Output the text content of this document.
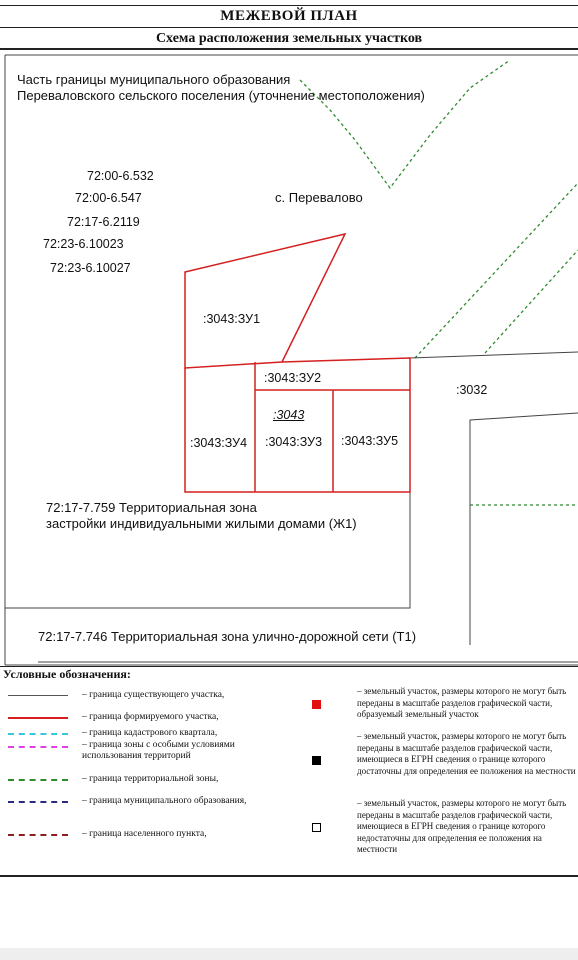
МЕЖЕВОЙ ПЛАН
Схема расположения земельных участков
Часть границы муниципального образования
Переваловского сельского поселения (уточнение местоположения)
72:00-6.532
72:00-6.547
72:17-6.2119
72:23-6.10023
72:23-6.10027
с. Перевалово
:3043:ЗУ1
:3043:ЗУ2
:3043
:3043:ЗУ4 :3043:ЗУ3 :3043:ЗУ5
:3032
72:17-7.759 Территориальная зона
застройки индивидуальными жилыми домами (Ж1)
72:17-7.746 Территориальная зона улично-дорожной сети (Т1)
Условные обозначения:
– граница существующего участка,
– граница формируемого участка,
– граница кадастрового квартала,
– граница зоны с особыми условиями
использования территорий
– граница территориальной зоны,
– граница муниципального образования,
– граница населенного пункта,
– земельный участок, размеры которого не могут быть переданы в масштабе разделов графической части, образуемый земельный участок
– земельный участок, размеры которого не могут быть переданы в масштабе разделов графической части, имеющиеся в ЕГРН сведения о границе которого достаточны для определения ее положения на местности
– земельный участок, размеры которого не могут быть переданы в масштабе разделов графической части, имеющиеся в ЕГРН сведения о границе которого недостаточны для определения ее положения на местности
